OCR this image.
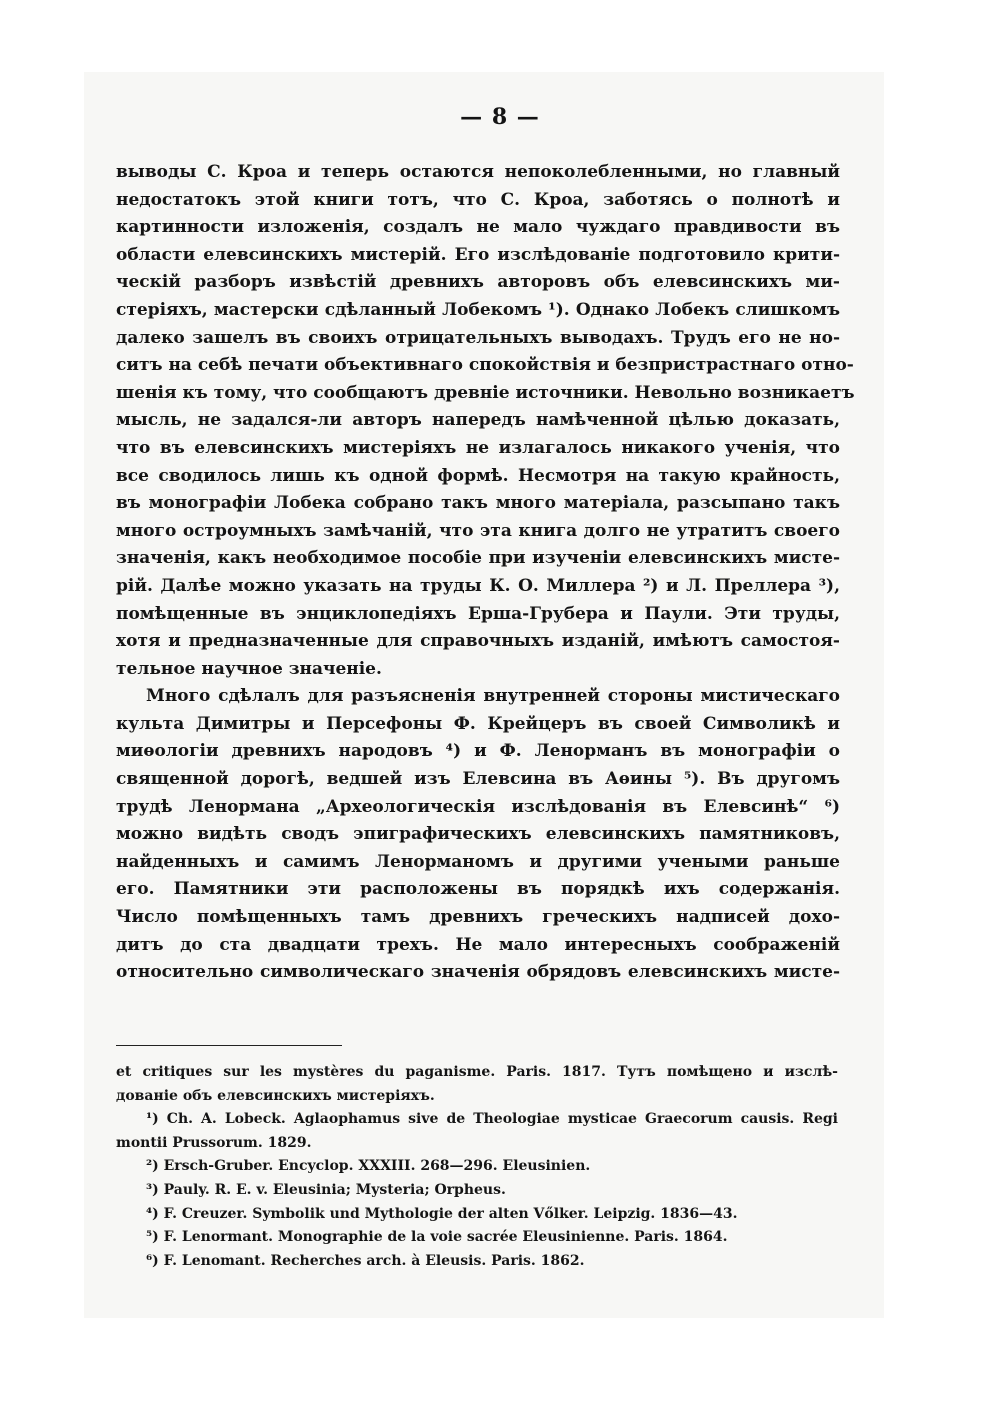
— 8 —
выводы С. Кроа и теперь остаются непоколебленными, но главный
недостатокъ этой книги тотъ, что С. Кроа, заботясь о полнотѣ и
картинности изложенія, создалъ не мало чуждаго правдивости въ
области елевсинскихъ мистерій. Его изслѣдованіе подготовило крити-
ческій разборъ извѣстій древнихъ авторовъ объ елевсинскихъ ми-
стеріяхъ, мастерски сдѣланный Лобекомъ ¹). Однако Лобекъ слишкомъ
далеко зашелъ въ своихъ отрицательныхъ выводахъ. Трудъ его не но-
ситъ на себѣ печати объективнаго спокойствія и безпристрастнаго отно-
шенія къ тому, что сообщаютъ древніе источники. Невольно возникаетъ
мысль, не задался-ли авторъ напередъ намѣченной цѣлью доказать,
что въ елевсинскихъ мистеріяхъ не излагалось никакого ученія, что
все сводилось лишь къ одной формѣ. Несмотря на такую крайность,
въ монографіи Лобека собрано такъ много матеріала, разсыпано такъ
много остроумныхъ замѣчаній, что эта книга долго не утратитъ своего
значенія, какъ необходимое пособіе при изученіи елевсинскихъ мисте-
рій. Далѣе можно указать на труды К. О. Миллера ²) и Л. Преллера ³),
помѣщенные въ энциклопедіяхъ Ерша-Грубера и Паули. Эти труды,
хотя и предназначенные для справочныхъ изданій, имѣютъ самостоя-
тельное научное значеніе.
Много сдѣлалъ для разъясненія внутренней стороны мистическаго
культа Димитры и Персефоны Ф. Крейцеръ въ своей Символикѣ и
миѳологіи древнихъ народовъ ⁴) и Ф. Ленорманъ въ монографіи о
священной дорогѣ, ведшей изъ Елевсина въ Аѳины ⁵). Въ другомъ
трудѣ Ленормана „Археологическія изслѣдованія въ Елевсинѣ“ ⁶)
можно видѣть сводъ эпиграфическихъ елевсинскихъ памятниковъ,
найденныхъ и самимъ Ленорманомъ и другими учеными раньше
его. Памятники эти расположены въ порядкѣ ихъ содержанія.
Число помѣщенныхъ тамъ древнихъ греческихъ надписей дохо-
дитъ до ста двадцати трехъ. Не мало интересныхъ соображеній
относительно символическаго значенія обрядовъ елевсинскихъ мисте-
et critiques sur les mystères du paganisme. Paris. 1817. Тутъ помѣщено и изслѣ-
дованіе объ елевсинскихъ мистеріяхъ.
¹) Ch. A. Lobeck. Aglaophamus sive de Theologiae mysticae Graecorum causis. Regi
montii Prussorum. 1829.
²) Ersch-Gruber. Encyclop. XXXIII. 268—296. Eleusinien.
³) Pauly. R. E. v. Eleusinia; Mysteria; Orpheus.
⁴) F. Creuzer. Symbolik und Mythologie der alten Vőlker. Leipzig. 1836—43.
⁵) F. Lenormant. Monographie de la voie sacrée Eleusinienne. Paris. 1864.
⁶) F. Lenomant. Recherches arch. à Eleusis. Paris. 1862.
